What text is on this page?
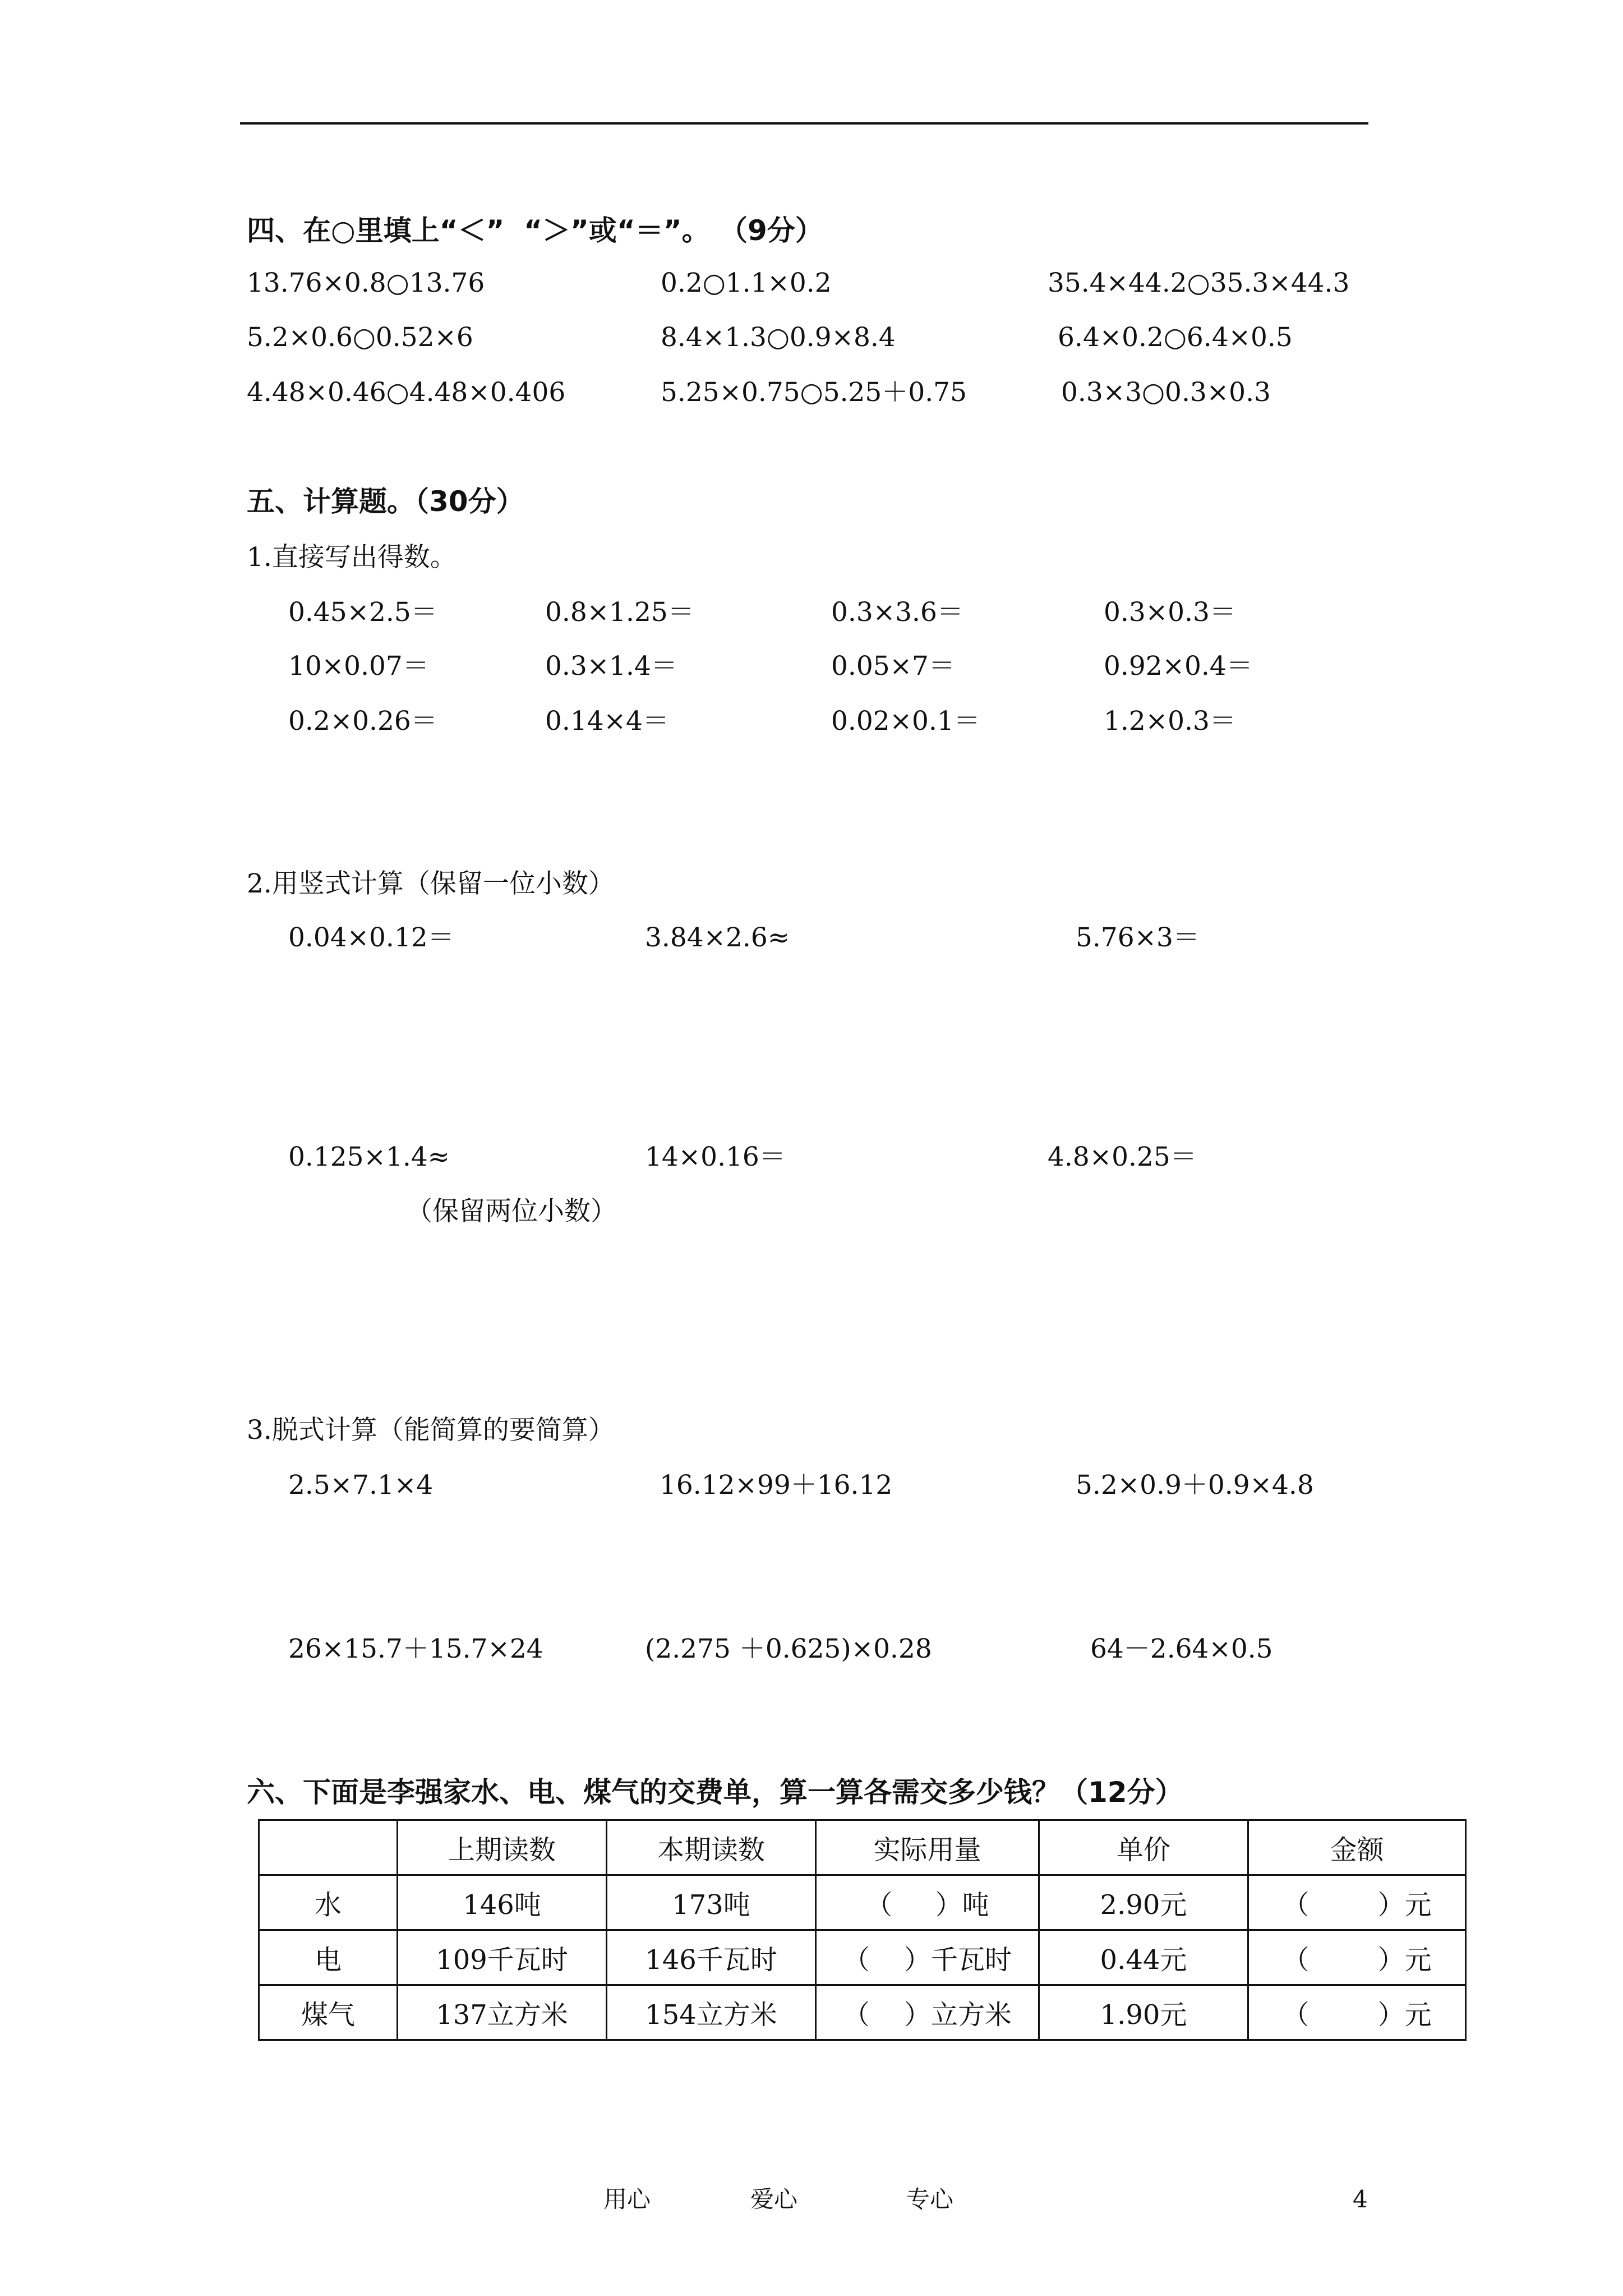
四、在○里填上“＜”  “＞”或“＝”。 （9分）
13.76×0.8○13.76	0.2○1.1×0.2	35.4×44.2○35.3×44.3
5.2×0.6○0.52×6	8.4×1.3○0.9×8.4	6.4×0.2○6.4×0.5
4.48×0.46○4.48×0.406	5.25×0.75○5.25＋0.75	0.3×3○0.3×0.3
五、计算题。（30分）
1.直接写出得数。
0.45×2.5＝	0.8×1.25＝	0.3×3.6＝	0.3×0.3＝
10×0.07＝	0.3×1.4＝	0.05×7＝	0.92×0.4＝
0.2×0.26＝	0.14×4＝	0.02×0.1＝	1.2×0.3＝
2.用竖式计算（保留一位小数）
0.04×0.12＝	3.84×2.6≈	5.76×3＝
0.125×1.4≈	14×0.16＝	4.8×0.25＝
（保留两位小数）
3.脱式计算（能简算的要简算）
2.5×7.1×4	16.12×99＋16.12	5.2×0.9＋0.9×4.8
26×15.7＋15.7×24	(2.275 ＋0.625)×0.28	64－2.64×0.5
六、下面是李强家水、电、煤气的交费单，算一算各需交多少钱？（12分）
	上期读数	本期读数	实际用量	单价	金额
水	146吨	173吨	（     ）吨	2.90元	（        ）元
电	109千瓦时	146千瓦时	（    ）千瓦时	0.44元	（        ）元
煤气	137立方米	154立方米	（    ）立方米	1.90元	（        ）元
用心	爱心	专心	4
